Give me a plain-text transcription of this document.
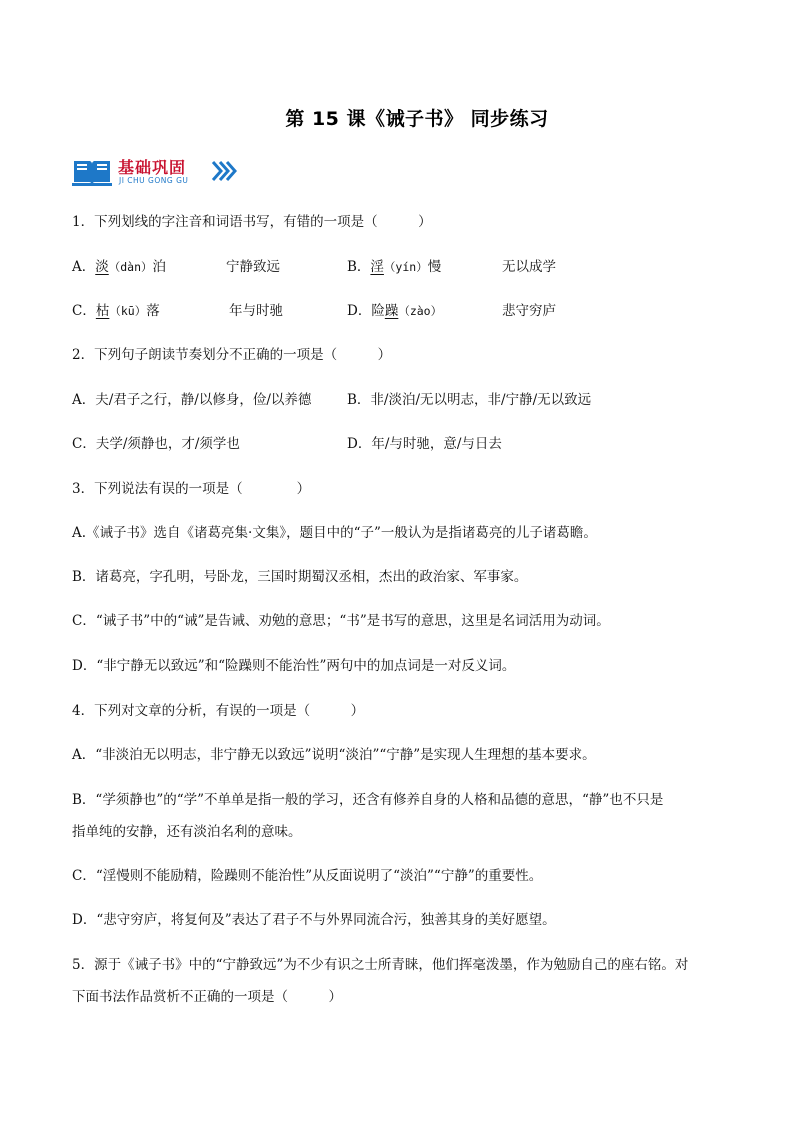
第 15 课《诫子书》 同步练习
基础巩固
JI CHU GONG GU
1．下列划线的字注音和词语书写，有错的一项是（　　　）
A．淡（dàn）泊	宁静致远	B．淫（yín）慢	无以成学
C．枯（kū）落	年与时驰	D．险躁（zào）	悲守穷庐
2．下列句子朗读节奏划分不正确的一项是（　　　）
A．夫/君子之行，静/以修身，俭/以养德	B．非/淡泊/无以明志，非/宁静/无以致远
C．夫学/须静也，才/须学也	D．年/与时驰，意/与日去
3．下列说法有误的一项是（　　　　）
A.《诫子书》选自《诸葛亮集·文集》，题目中的“子”一般认为是指诸葛亮的儿子诸葛瞻。
B．诸葛亮，字孔明，号卧龙，三国时期蜀汉丞相，杰出的政治家、军事家。
C．“诫子书”中的“诫”是告诫、劝勉的意思；“书”是书写的意思，这里是名词活用为动词。
D．“非宁静无以致远”和“险躁则不能治性”两句中的加点词是一对反义词。
4．下列对文章的分析，有误的一项是（　　　）
A．“非淡泊无以明志，非宁静无以致远”说明“淡泊”“宁静”是实现人生理想的基本要求。
B．“学须静也”的“学”不单单是指一般的学习，还含有修养自身的人格和品德的意思，“静”也不只是
指单纯的安静，还有淡泊名利的意味。
C．“淫慢则不能励精，险躁则不能治性”从反面说明了“淡泊”“宁静”的重要性。
D．“悲守穷庐，将复何及”表达了君子不与外界同流合污，独善其身的美好愿望。
5．源于《诫子书》中的“宁静致远”为不少有识之士所青睐，他们挥毫泼墨，作为勉励自己的座右铭。对
下面书法作品赏析不正确的一项是（　　　）
